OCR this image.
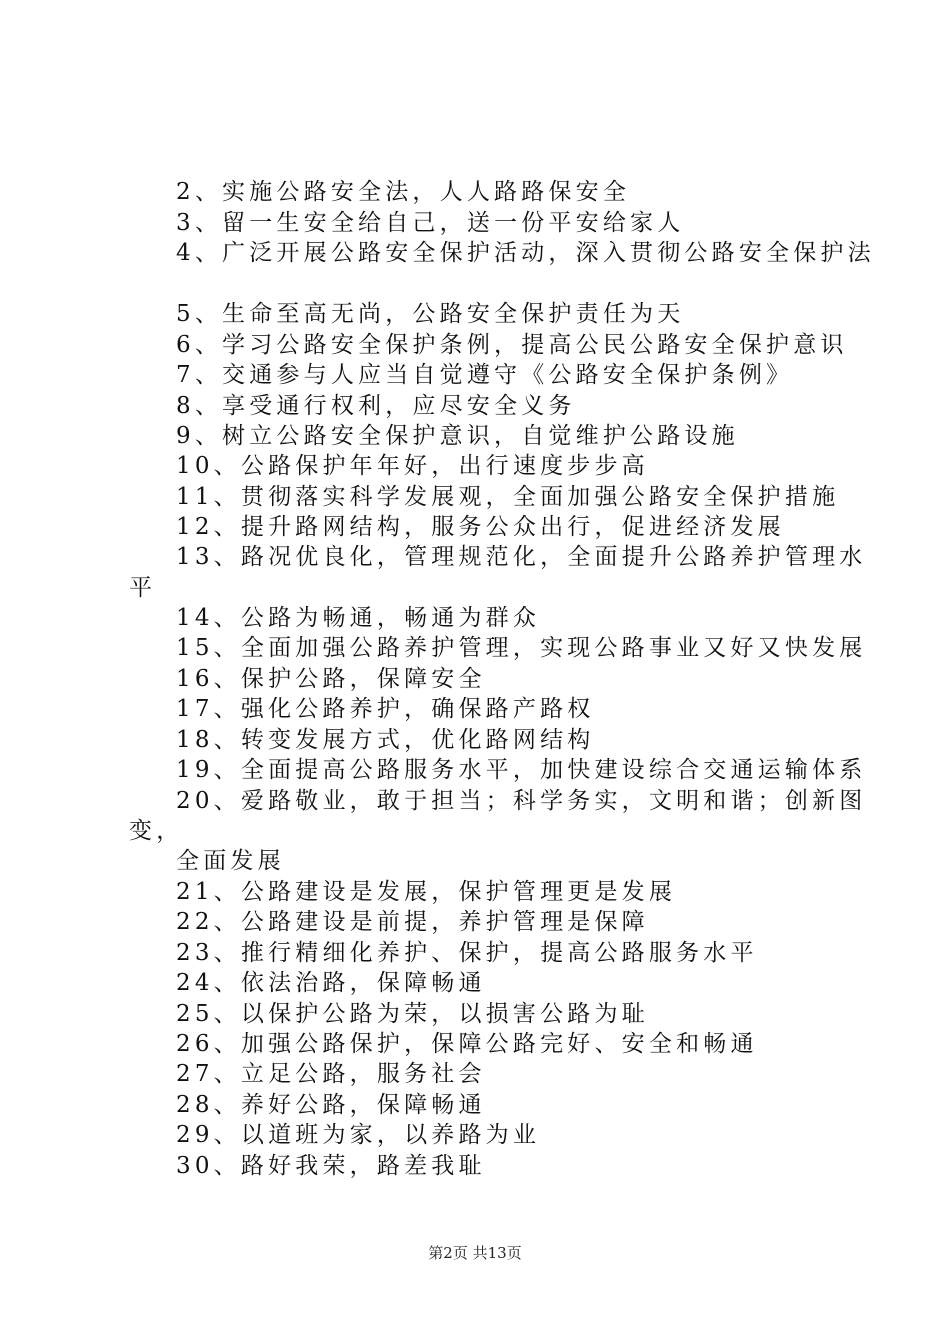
2、实施公路安全法，人人路路保安全
3、留一生安全给自己，送一份平安给家人
4、广泛开展公路安全保护活动，深入贯彻公路安全保护法
5、生命至高无尚，公路安全保护责任为天
6、学习公路安全保护条例，提高公民公路安全保护意识
7、交通参与人应当自觉遵守《公路安全保护条例》
8、享受通行权利，应尽安全义务
9、树立公路安全保护意识，自觉维护公路设施
10、公路保护年年好，出行速度步步高
11、贯彻落实科学发展观，全面加强公路安全保护措施
12、提升路网结构，服务公众出行，促进经济发展
13、路况优良化，管理规范化，全面提升公路养护管理水
平
14、公路为畅通，畅通为群众
15、全面加强公路养护管理，实现公路事业又好又快发展
16、保护公路，保障安全
17、强化公路养护，确保路产路权
18、转变发展方式，优化路网结构
19、全面提高公路服务水平，加快建设综合交通运输体系
20、爱路敬业，敢于担当；科学务实，文明和谐；创新图
变，
全面发展
21、公路建设是发展，保护管理更是发展
22、公路建设是前提，养护管理是保障
23、推行精细化养护、保护，提高公路服务水平
24、依法治路，保障畅通
25、以保护公路为荣，以损害公路为耻
26、加强公路保护，保障公路完好、安全和畅通
27、立足公路，服务社会
28、养好公路，保障畅通
29、以道班为家，以养路为业
30、路好我荣，路差我耻
第2页 共13页
